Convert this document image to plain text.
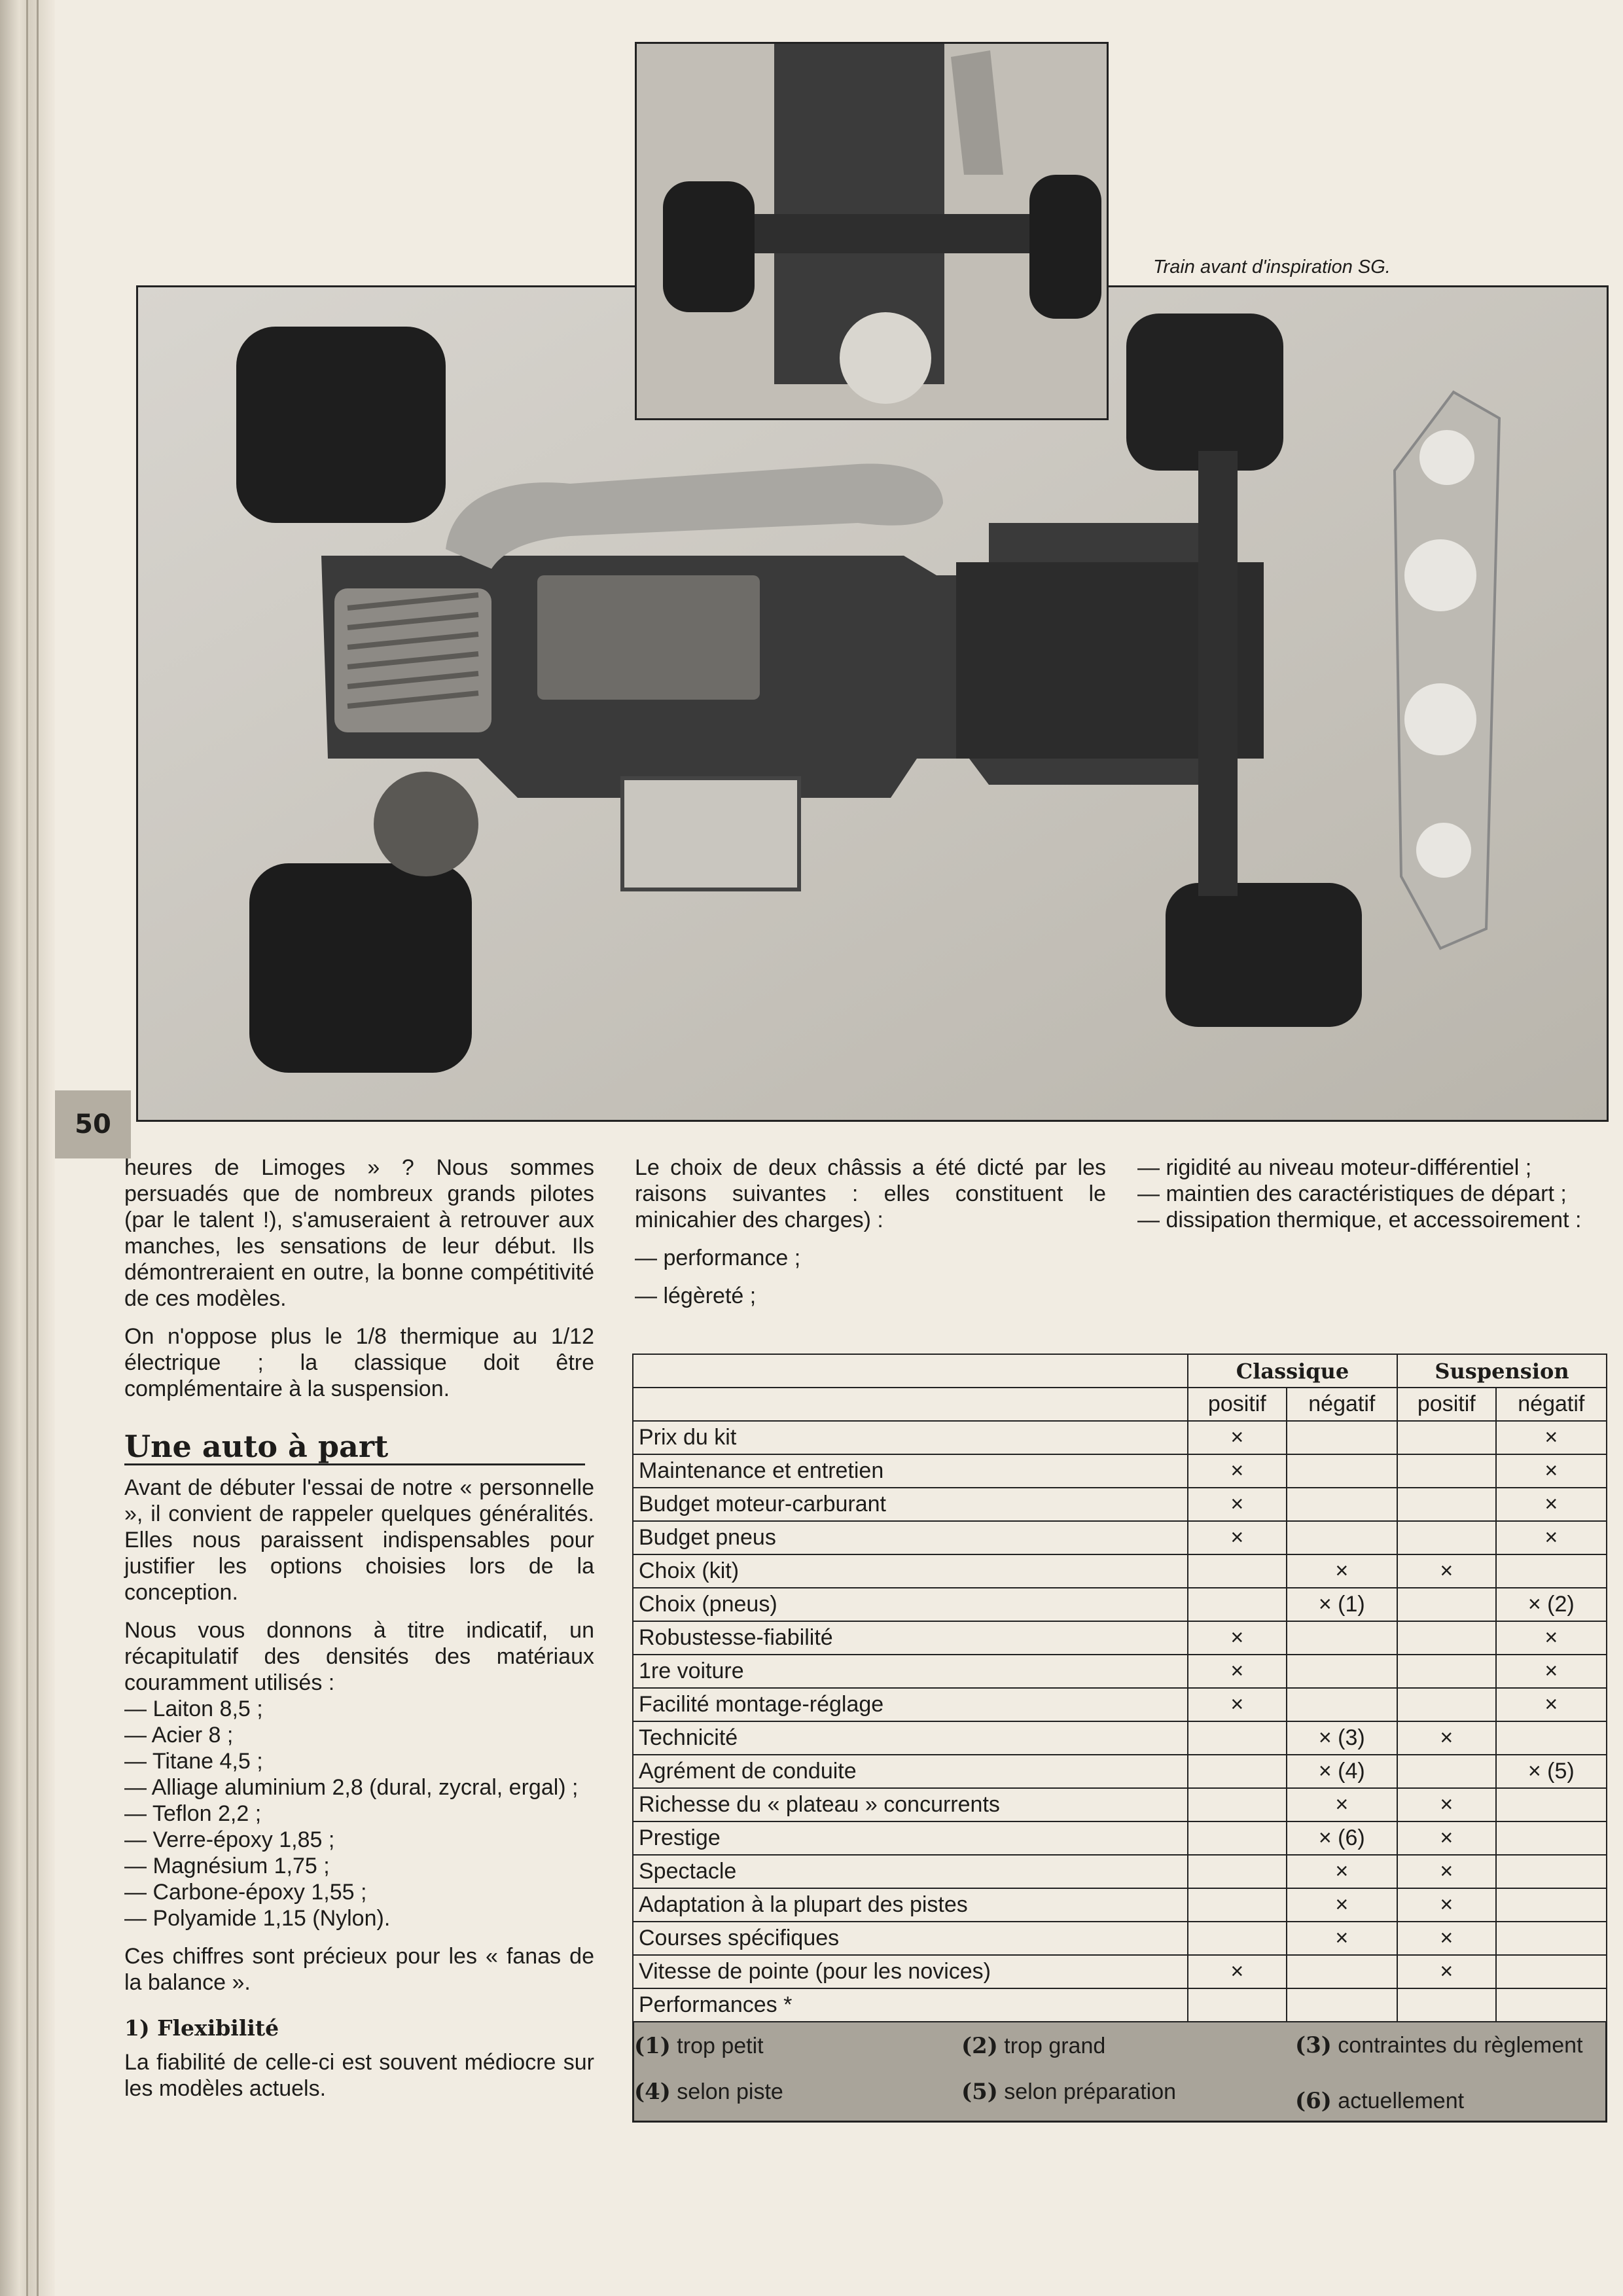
Train avant d'inspiration SG.
50

heures de Limoges » ? Nous sommes persuadés que de nombreux grands pilotes (par le talent !), s'amuseraient à retrouver aux manches, les sensations de leur début. Ils démontreraient en outre, la bonne compétitivité de ces modèles.

On n'oppose plus le 1/8 thermique au 1/12 électrique ; la classique doit être complémentaire à la suspension.

Une auto à part

Avant de débuter l'essai de notre « personnelle », il convient de rappeler quelques généralités. Elles nous paraissent indispensables pour justifier les options choisies lors de la conception.

Nous vous donnons à titre indicatif, un récapitulatif des densités des matériaux couramment utilisés :

— Laiton 8,5 ;
— Acier 8 ;
— Titane 4,5 ;
— Alliage aluminium 2,8 (dural, zycral, ergal) ;
— Teflon 2,2 ;
— Verre-époxy 1,85 ;
— Magnésium 1,75 ;
— Carbone-époxy 1,55 ;
— Polyamide 1,15 (Nylon).

Ces chiffres sont précieux pour les « fanas de la balance ».

1) Flexibilité

La fiabilité de celle-ci est souvent médiocre sur les modèles actuels.

Le choix de deux châssis a été dicté par les raisons suivantes : elles constituent le minicahier des charges) :

— performance ;
— légèreté ;
— rigidité au niveau moteur-différentiel ;
— maintien des caractéristiques de départ ;
— dissipation thermique, et accessoirement :
	Classique		Suspension	
	positif	négatif	positif	négatif
Prix du kit	×			×
Maintenance et entretien	×			×
Budget moteur-carburant	×			×
Budget pneus	×			×
Choix (kit)		×	×	
Choix (pneus)		× (1)		× (2)
Robustesse-fiabilité	×			×
1re voiture	×			×
Facilité montage-réglage	×			×
Technicité		× (3)	×	
Agrément de conduite		× (4)		× (5)
Richesse du « plateau » concurrents		×	×	
Prestige		× (6)	×	
Spectacle		×	×	
Adaptation à la plupart des pistes		×	×	
Courses spécifiques		×	×	
Vitesse de pointe (pour les novices)	×		×	
Performances *				
(1) trop petit	(2) trop grand	(3) contraintes du règlement
(4) selon piste	(5) selon préparation	(6) actuellement
